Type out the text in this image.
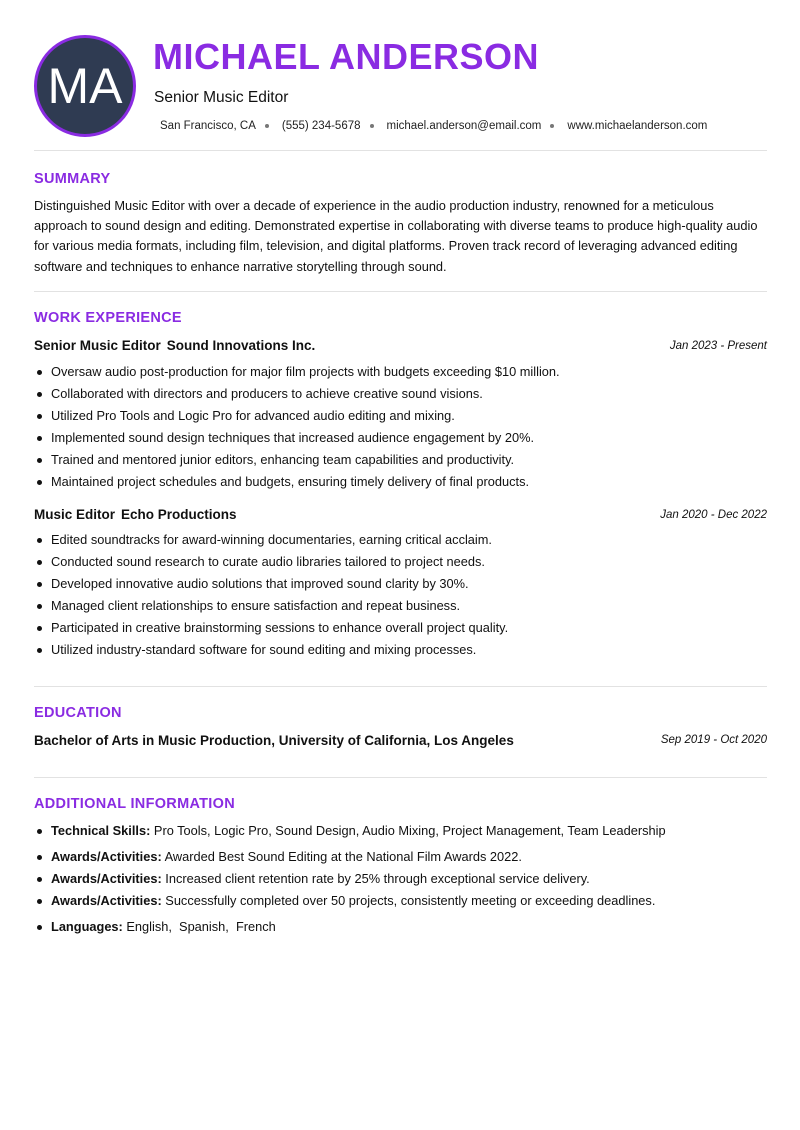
MA
MICHAEL ANDERSON
Senior Music Editor
San Francisco, CA (555) 234-5678 michael.anderson@email.com www.michaelanderson.com
SUMMARY
Distinguished Music Editor with over a decade of experience in the audio production industry, renowned for a meticulous approach to sound design and editing. Demonstrated expertise in collaborating with diverse teams to produce high-quality audio for various media formats, including film, television, and digital platforms. Proven track record of leveraging advanced editing software and techniques to enhance narrative storytelling through sound.
WORK EXPERIENCE
Senior Music Editor Sound Innovations Inc.	Jan 2023 - Present
Oversaw audio post-production for major film projects with budgets exceeding $10 million.
Collaborated with directors and producers to achieve creative sound visions.
Utilized Pro Tools and Logic Pro for advanced audio editing and mixing.
Implemented sound design techniques that increased audience engagement by 20%.
Trained and mentored junior editors, enhancing team capabilities and productivity.
Maintained project schedules and budgets, ensuring timely delivery of final products.
Music Editor Echo Productions	Jan 2020 - Dec 2022
Edited soundtracks for award-winning documentaries, earning critical acclaim.
Conducted sound research to curate audio libraries tailored to project needs.
Developed innovative audio solutions that improved sound clarity by 30%.
Managed client relationships to ensure satisfaction and repeat business.
Participated in creative brainstorming sessions to enhance overall project quality.
Utilized industry-standard software for sound editing and mixing processes.
EDUCATION
Bachelor of Arts in Music Production, University of California, Los Angeles	Sep 2019 - Oct 2020
ADDITIONAL INFORMATION
Technical Skills: Pro Tools, Logic Pro, Sound Design, Audio Mixing, Project Management, Team Leadership
Awards/Activities: Awarded Best Sound Editing at the National Film Awards 2022.
Awards/Activities: Increased client retention rate by 25% through exceptional service delivery.
Awards/Activities: Successfully completed over 50 projects, consistently meeting or exceeding deadlines.
Languages: English,  Spanish,  French
